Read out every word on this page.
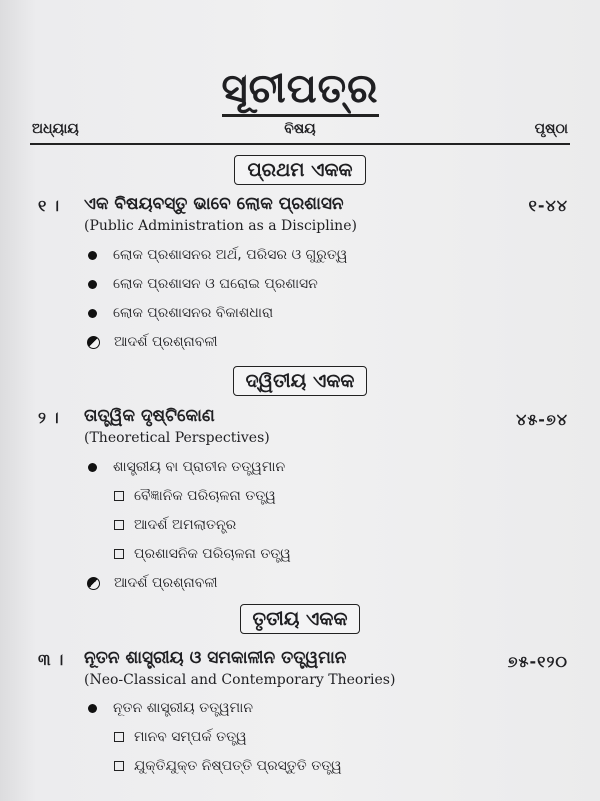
ସୂଚୀପତ୍ର
ଅଧ୍ୟାୟ	ବିଷୟ	ପୃଷ୍ଠା
ପ୍ରଥମ ଏକକ
୧ । ଏକ ବିଷୟବସ୍ତୁ ଭାବେ ଲୋକ ପ୍ରଶାସନ	୧-୪୪
(Public Administration as a Discipline)
ଲୋକ ପ୍ରଶାସନର ଅର୍ଥ, ପରିସର ଓ ଗୁରୁତ୍ୱ
ଲୋକ ପ୍ରଶାସନ ଓ ଘରୋଇ ପ୍ରଶାସନ
ଲୋକ ପ୍ରଶାସନର ବିକାଶଧାରା
ଆଦର୍ଶ ପ୍ରଶ୍ନାବଳୀ
ଦ୍ୱିତୀୟ ଏକକ
୨ । ତାତ୍ତ୍ୱିକ ଦୃଷ୍ଟିକୋଣ	୪୫-୭୪
(Theoretical Perspectives)
ଶାସ୍ତ୍ରୀୟ ବା ପ୍ରାଚୀନ ତତ୍ତ୍ୱମାନ
ବୈଜ୍ଞାନିକ ପରିଚାଳନା ତତ୍ତ୍ୱ
ଆଦର୍ଶ ଅମଲାତନ୍ତ୍ର
ପ୍ରଶାସନିକ ପରିଚାଳନା ତତ୍ତ୍ୱ
ଆଦର୍ଶ ପ୍ରଶ୍ନାବଳୀ
ତୃତୀୟ ଏକକ
୩ । ନୂତନ ଶାସ୍ତ୍ରୀୟ ଓ ସମକାଳୀନ ତତ୍ତ୍ୱମାନ	୭୫-୧୨୦
(Neo-Classical and Contemporary Theories)
ନୂତନ ଶାସ୍ତ୍ରୀୟ ତତ୍ତ୍ୱମାନ
ମାନବ ସମ୍ପର୍କ ତତ୍ତ୍ୱ
ଯୁକ୍ତିଯୁକ୍ତ ନିଷ୍ପତ୍ତି ପ୍ରସ୍ତୁତି ତତ୍ତ୍ୱ
